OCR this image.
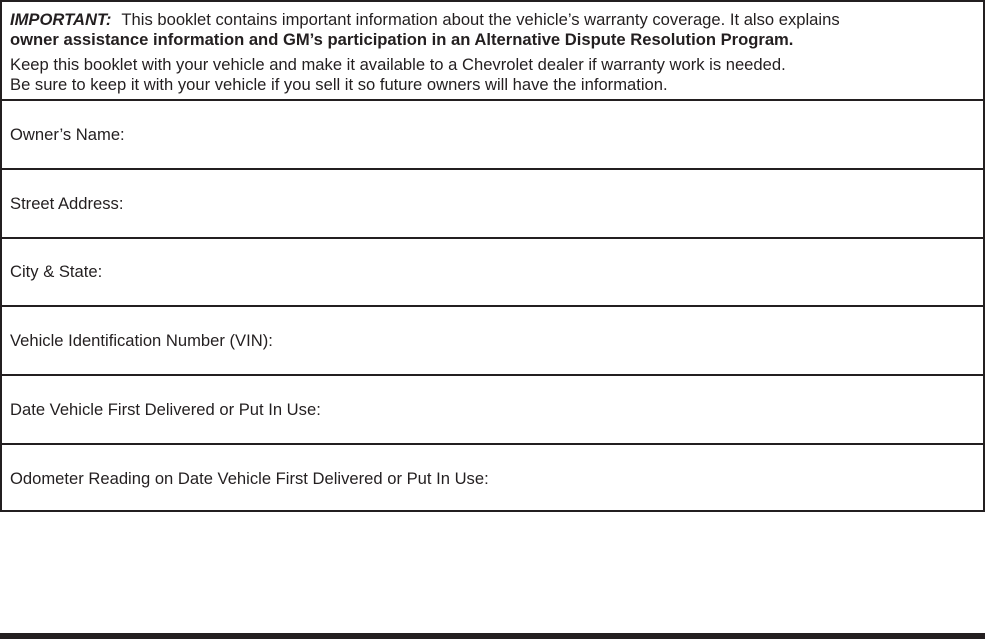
IMPORTANT: This booklet contains important information about the vehicle’s warranty coverage. It also explains
owner assistance information and GM’s participation in an Alternative Dispute Resolution Program.
Keep this booklet with your vehicle and make it available to a Chevrolet dealer if warranty work is needed.
Be sure to keep it with your vehicle if you sell it so future owners will have the information.
Owner’s Name:
Street Address:
City & State:
Vehicle Identification Number (VIN):
Date Vehicle First Delivered or Put In Use:
Odometer Reading on Date Vehicle First Delivered or Put In Use:
